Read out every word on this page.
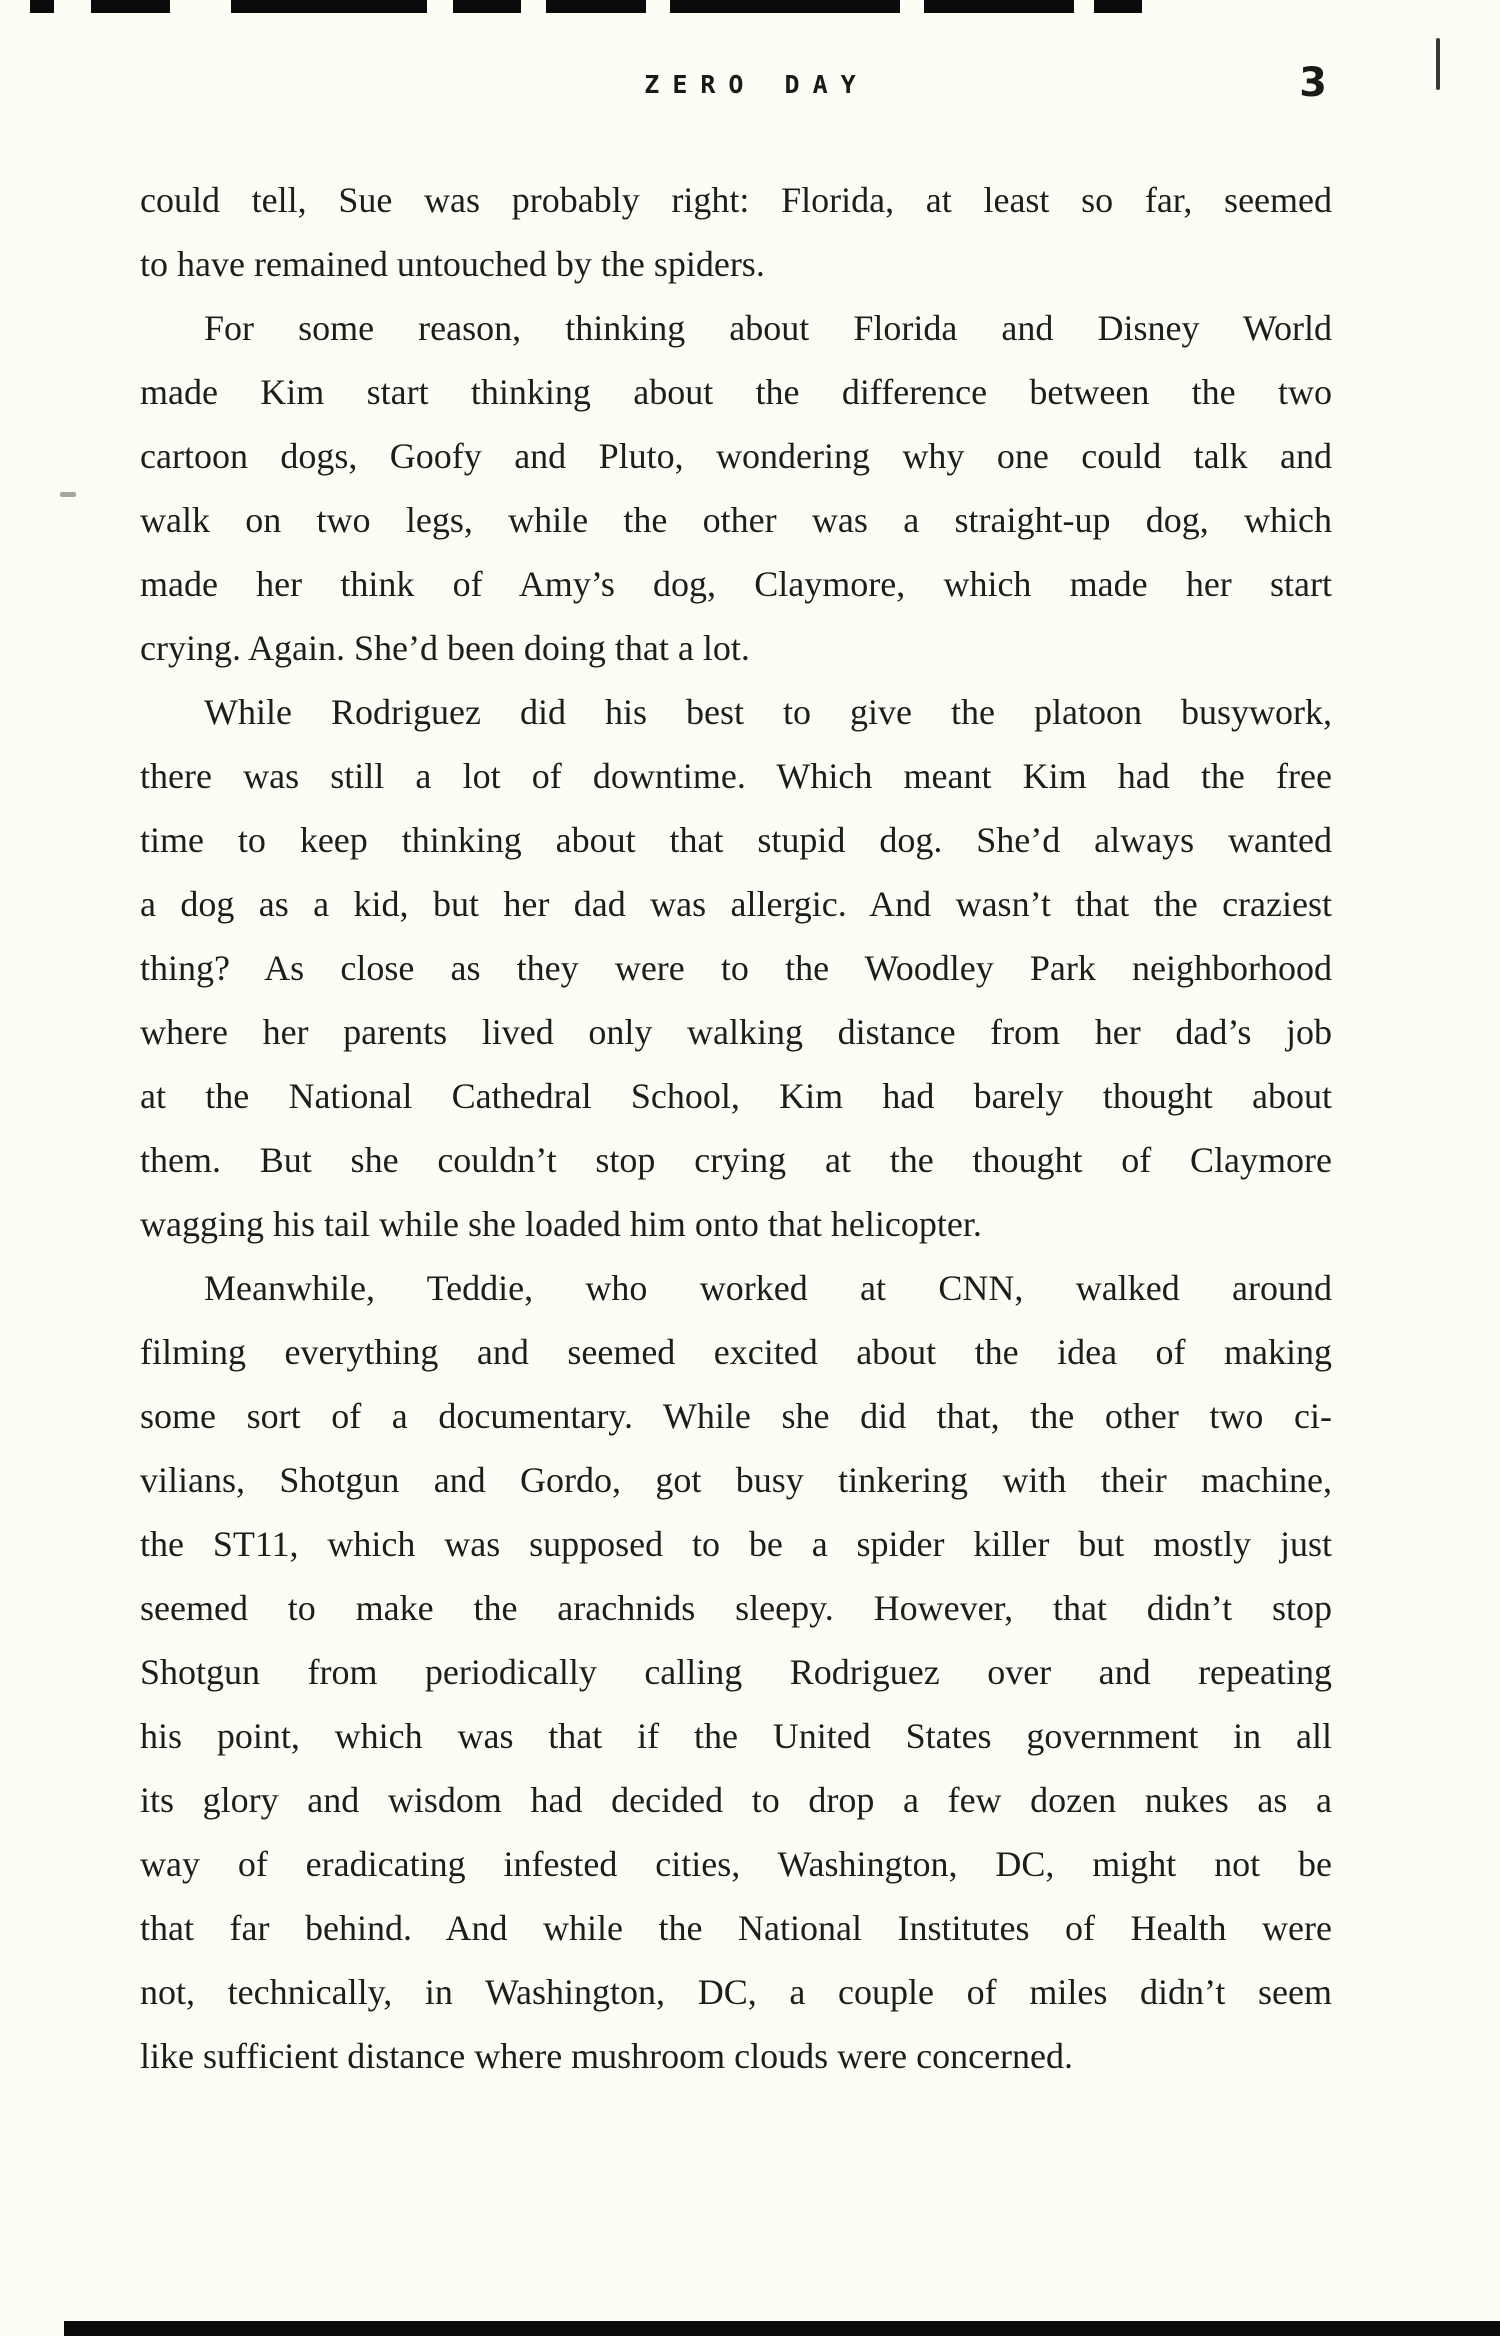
ZERO DAY	3
could tell, Sue was probably right: Florida, at least so far, seemed
to have remained untouched by the spiders.
For some reason, thinking about Florida and Disney World
made Kim start thinking about the difference between the two
cartoon dogs, Goofy and Pluto, wondering why one could talk and
walk on two legs, while the other was a straight-up dog, which
made her think of Amy’s dog, Claymore, which made her start
crying. Again. She’d been doing that a lot.
While Rodriguez did his best to give the platoon busywork,
there was still a lot of downtime. Which meant Kim had the free
time to keep thinking about that stupid dog. She’d always wanted
a dog as a kid, but her dad was allergic. And wasn’t that the craziest
thing? As close as they were to the Woodley Park neighborhood
where her parents lived only walking distance from her dad’s job
at the National Cathedral School, Kim had barely thought about
them. But she couldn’t stop crying at the thought of Claymore
wagging his tail while she loaded him onto that helicopter.
Meanwhile, Teddie, who worked at CNN, walked around
filming everything and seemed excited about the idea of making
some sort of a documentary. While she did that, the other two ci-
vilians, Shotgun and Gordo, got busy tinkering with their machine,
the ST11, which was supposed to be a spider killer but mostly just
seemed to make the arachnids sleepy. However, that didn’t stop
Shotgun from periodically calling Rodriguez over and repeating
his point, which was that if the United States government in all
its glory and wisdom had decided to drop a few dozen nukes as a
way of eradicating infested cities, Washington, DC, might not be
that far behind. And while the National Institutes of Health were
not, technically, in Washington, DC, a couple of miles didn’t seem
like sufficient distance where mushroom clouds were concerned.
